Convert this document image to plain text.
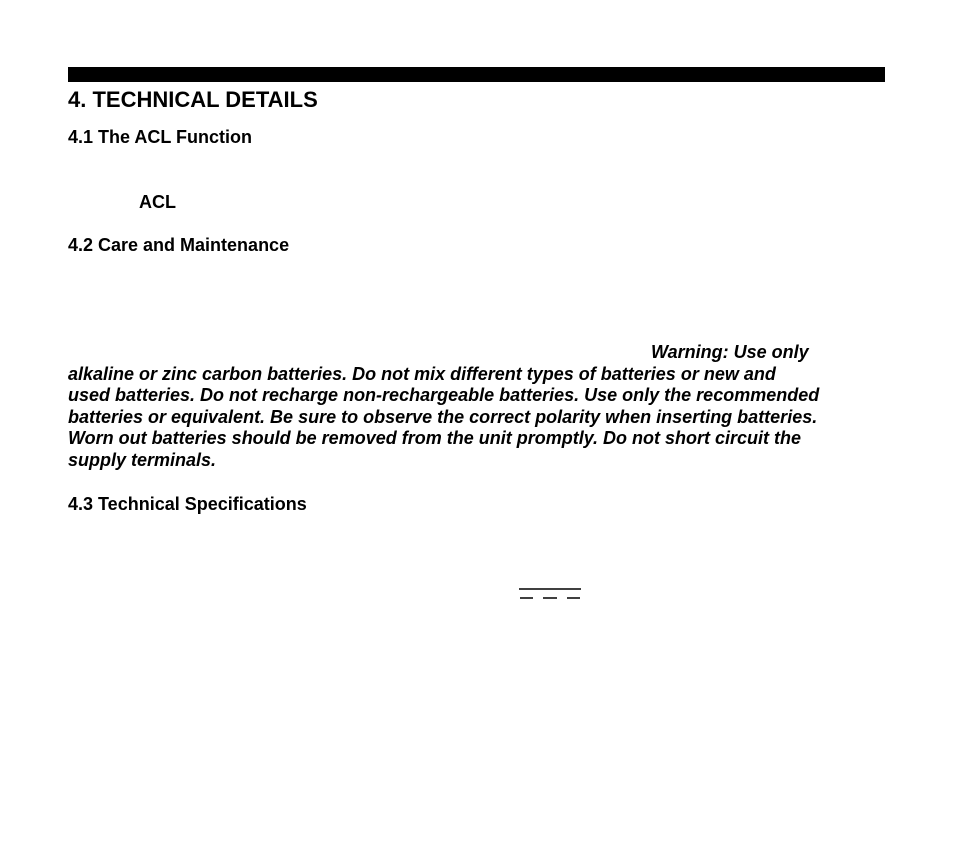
4. TECHNICAL DETAILS
4.1 The ACL Function
ACL
4.2 Care and Maintenance

Warning: Use only
alkaline or zinc carbon batteries. Do not mix different types of batteries or new and
used batteries. Do not recharge non-rechargeable batteries. Use only the recommended
batteries or equivalent. Be sure to observe the correct polarity when inserting batteries.
Worn out batteries should be removed from the unit promptly. Do not short circuit the
supply terminals.

4.3 Technical Specifications
